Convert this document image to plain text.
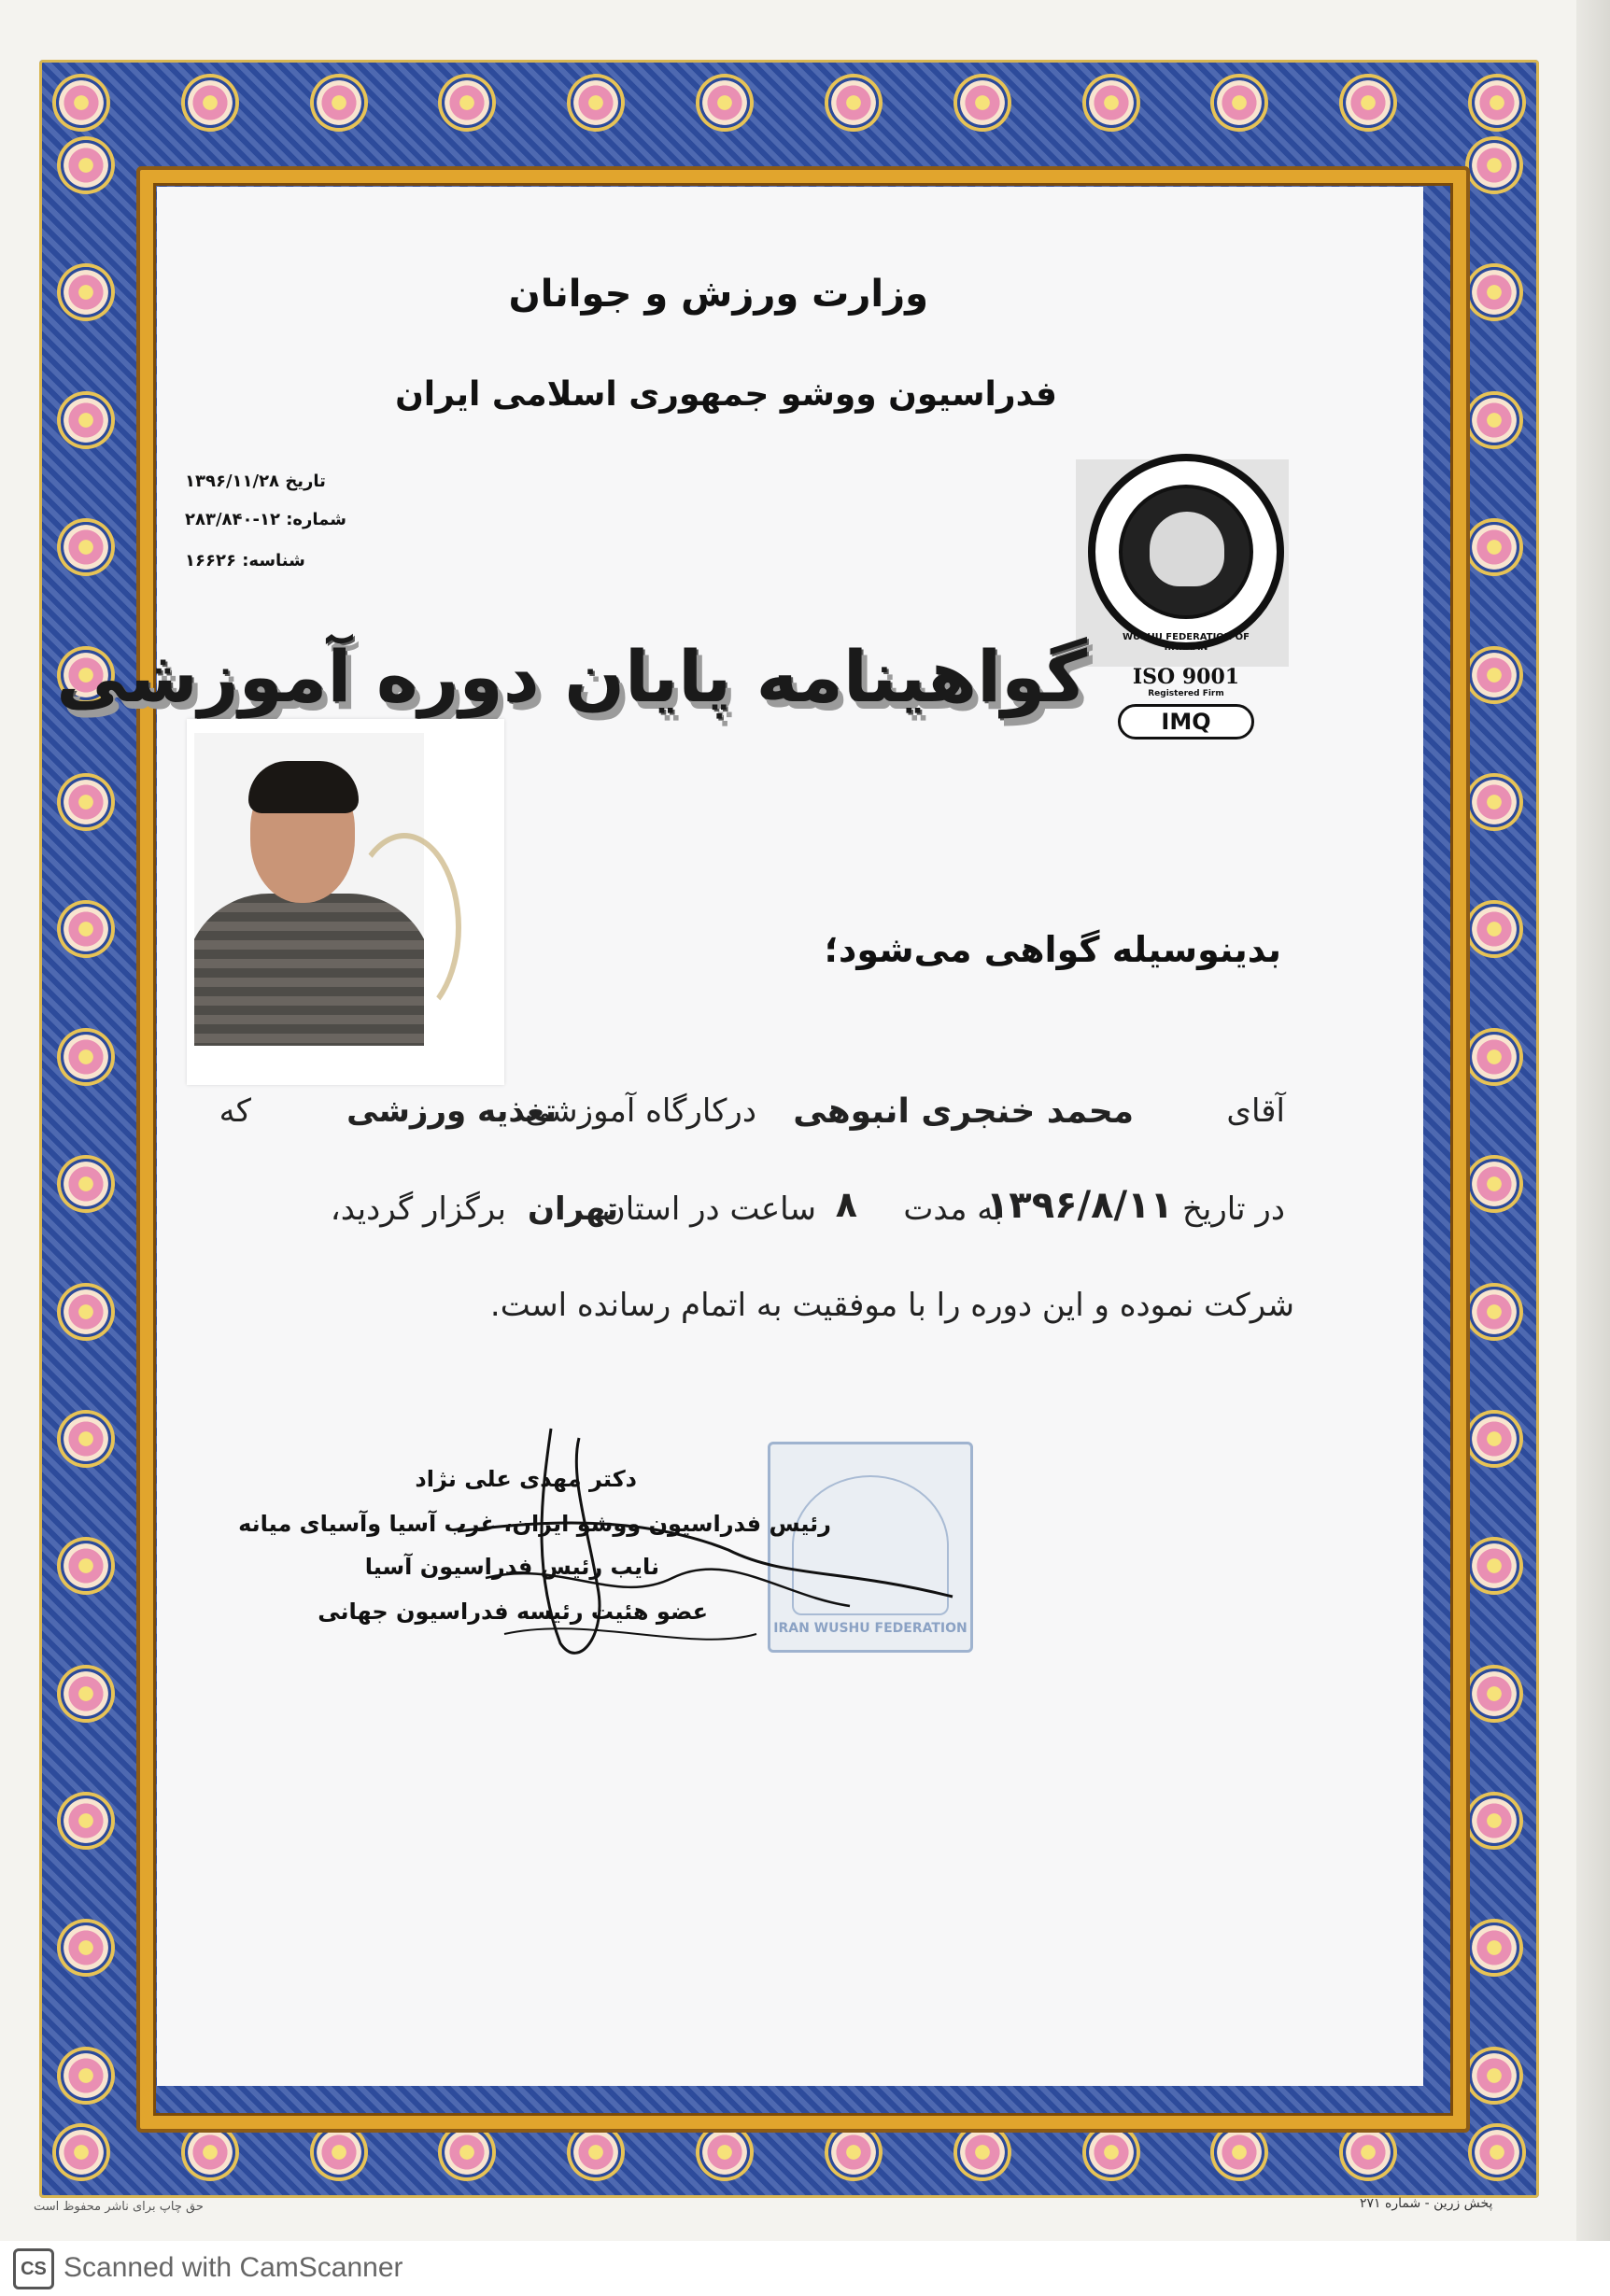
وزارت ورزش و جوانان
فدراسیون ووشو جمهوری اسلامی ایران
تاریخ ۱۳۹۶/۱۱/۲۸
شماره: ۱۲-۲۸۳/۸۴۰
شناسه: ۱۶۶۲۶
WUSHU FEDERATION OF I.R.IRAN
ISO 9001
Registered Firm
IMQ
گواهینامه پایان دوره آموزشی
بدینوسیله گواهی می‌شود؛
آقای
محمد خنجری انبوهی
درکارگاه آموزشی
تغذیه ورزشی
که
در تاریخ
۱۳۹۶/۸/۱۱
به مدت
۸
ساعت در استان
تهران
برگزار گردید،
شرکت نموده و این دوره را با موفقیت به اتمام رسانده است.
IRAN WUSHU FEDERATION
دکتر مهدی علی نژاد
رئیس فدراسیون ووشو ایران، غرب آسیا وآسیای میانه
نایب رئیس فدراسیون آسیا
عضو هئیت رئیسه فدراسیون جهانی
حق چاپ برای ناشر محفوظ است	پخش زرین - شماره ۲۷۱
CS Scanned with CamScanner
